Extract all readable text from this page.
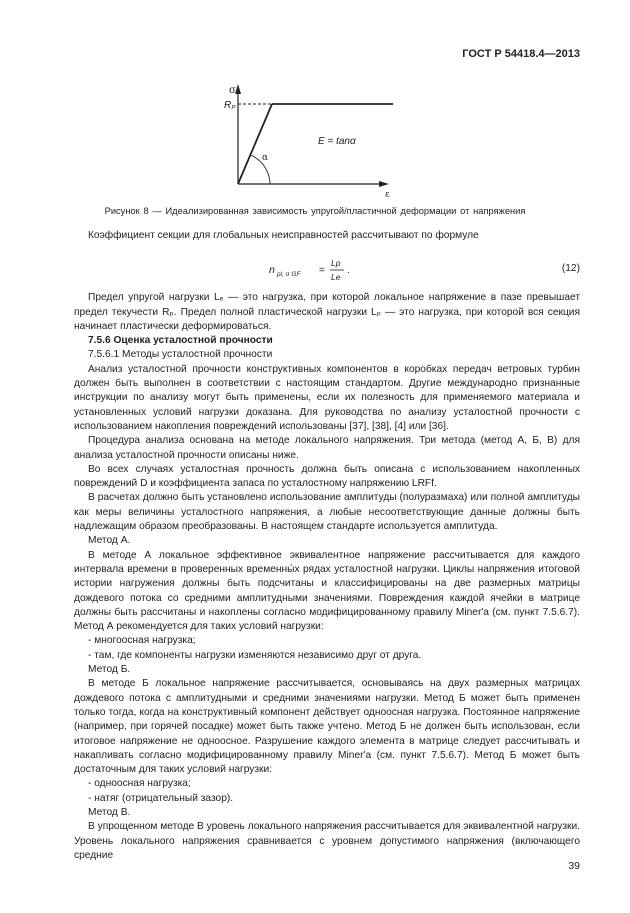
ГОСТ Р 54418.4—2013
σ
ε
Rₚ
E = tanα
α
Рисунок 8 — Идеализированная зависимость упругой/пластичной деформации от напряжения

Коэффициент секции для глобальных неисправностей рассчитывают по формуле

n pl, σ GF =
Lp
Le
.	(12)

Предел упругой нагрузки Lₑ — это нагрузка, при которой локальное напряжение в пазе превышает предел текучести Rₚ. Предел полной пластической нагрузки Lₚ — это нагрузка, при которой вся секция начинает пластически деформироваться.

7.5.6 Оценка усталостной прочности

7.5.6.1 Методы усталостной прочности

Анализ усталостной прочности конструктивных компонентов в коробках передач ветровых турбин должен быть выполнен в соответствии с настоящим стандартом. Другие международно признанные инструкции по анализу могут быть применены, если их полезность для применяемого материала и установленных условий нагрузки доказана. Для руководства по анализу усталостной прочности с использованием накопления повреждений использованы [37], [38], [4] или [36].

Процедура анализа основана на методе локального напряжения. Три метода (метод А, Б, В) для анализа усталостной прочности описаны ниже.

Во всех случаях усталостная прочность должна быть описана с использованием накопленных повреждений D и коэффициента запаса по усталостному напряжению LRFf.

В расчетах должно быть установлено использование амплитуды (полуразмаха) или полной амплитуды как меры величины усталостного напряжения, а любые несоответствующие данные должны быть надлежащим образом преобразованы. В настоящем стандарте используется амплитуда.

Метод А.

В методе А локальное эффективное эквивалентное напряжение рассчитывается для каждого интервала времени в проверенных временны́х рядах усталостной нагрузки. Циклы напряжения итоговой истории нагружения должны быть подсчитаны и классифицированы на две размерных матрицы дождевого потока со средними амплитудными значениями. Повреждения каждой ячейки в матрице должны быть рассчитаны и накоплены согласно модифицированному правилу Miner'а (см. пункт 7.5.6.7). Метод А рекомендуется для таких условий нагрузки:

- многоосная нагрузка;

- там, где компоненты нагрузки изменяются независимо друг от друга.

Метод Б.

В методе Б локальное напряжение рассчитывается, основываясь на двух размерных матрицах дождевого потока с амплитудными и средними значениями нагрузки. Метод Б может быть применен только тогда, когда на конструктивный компонент действует одноосная нагрузка. Постоянное напряжение (например, при горячей посадке) может быть также учтено. Метод Б не должен быть использован, если итоговое напряжение не одноосное. Разрушение каждого элемента в матрице следует рассчитывать и накапливать согласно модифицированному правилу Miner'а (см. пункт 7.5.6.7). Метод Б может быть достаточным для таких условий нагрузки:

- одноосная нагрузка;

- натяг (отрицательный зазор).

Метод В.

В упрощенном методе В уровень локального напряжения рассчитывается для эквивалентной нагрузки. Уровень локального напряжения сравнивается с уровнем допустимого напряжения (включающего средние

39
